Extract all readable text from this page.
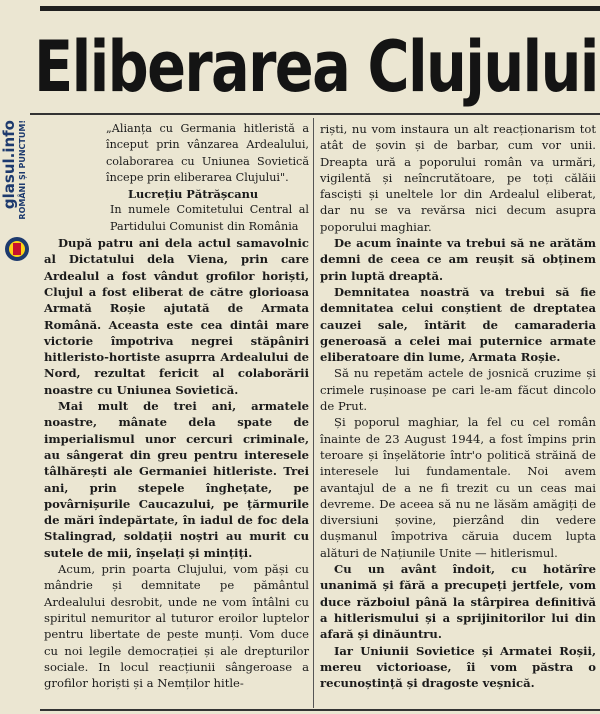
Eliberarea Clujului
glasul.info ROMÂNI ȘI PUNCTUM!	„Alianța cu Germania hitleristă a început prin vânzarea Ardealului, colaborarea cu Uniunea Sovietică începe prin eliberarea Clujului".

Lucrețiu Pătrășcanu

In numele Comitetului Central al Partidului Comunist din România

După patru ani dela actul samavolnic al Dictatului dela Viena, prin care Ardealul a fost vândut grofilor horiști, Clujul a fost eliberat de către glorioasa Armată Roșie ajutată de Armata Română. Aceasta este cea dintâi mare victorie împotriva negrei stăpâniri hitleristo-hortiste asuprra Ardealului de Nord, rezultat fericit al colaborării noastre cu Uniunea Sovietică.

Mai mult de trei ani, armatele noastre, mânate dela spate de imperialismul unor cercuri criminale, au sângerat din greu pentru interesele tâlhărești ale Germaniei hitleriste. Trei ani, prin stepele înghețate, pe povârnișurile Caucazului, pe țărmurile de mări îndepărtate, în iadul de foc dela Stalingrad, soldații noștri au murit cu sutele de mii, înșelați și mințiți.

Acum, prin poarta Clujului, vom păși cu mândrie și demnitate pe pământul Ardealului desrobit, unde ne vom întâlni cu spiritul nemuritor al tuturor eroilor luptelor pentru libertate de peste munți. Vom duce cu noi legile democrației și ale drepturilor sociale. In locul reacțiunii sângeroase a grofilor horiști și a Nemților hitle-

riști, nu vom instaura un alt reacționarism tot atât de șovin și de barbar, cum vor unii. Dreapta ură a poporului român va urmări, vigilentă și neîncrutătoare, pe toți călăii fasciști și uneltele lor din Ardealul eliberat, dar nu se va revărsa nici decum asupra poporului maghiar.

De acum înainte va trebui să ne arătăm demni de ceea ce am reușit să obținem prin luptă dreaptă.

Demnitatea noastră va trebui să fie demnitatea celui conștient de dreptatea cauzei sale, întărit de camaraderia generoasă a celei mai puternice armate eliberatoare din lume, Armata Roșie.

Să nu repetăm actele de josnică cruzime și crimele rușinoase pe cari le-am făcut dincolo de Prut.

Și poporul maghiar, la fel cu cel român înainte de 23 August 1944, a fost împins prin teroare și înșelătorie într'o politică străină de interesele lui fundamentale. Noi avem avantajul de a ne fi trezit cu un ceas mai devreme. De aceea să nu ne lăsăm amăgiți de diversiuni șovine, pierzând din vedere dușmanul împotriva căruia ducem lupta alături de Națiunile Unite — hitlerismul.

Cu un avânt îndoit, cu hotărîre unanimă și fără a precupeți jertfele, vom duce războiul până la stârpirea definitivă a hitlerismului și a sprijinitorilor lui din afară și dinăuntru.

Iar Uniunii Sovietice și Armatei Roșii, mereu victorioase, îi vom păstra o recunoștință și dragoste veșnică.
